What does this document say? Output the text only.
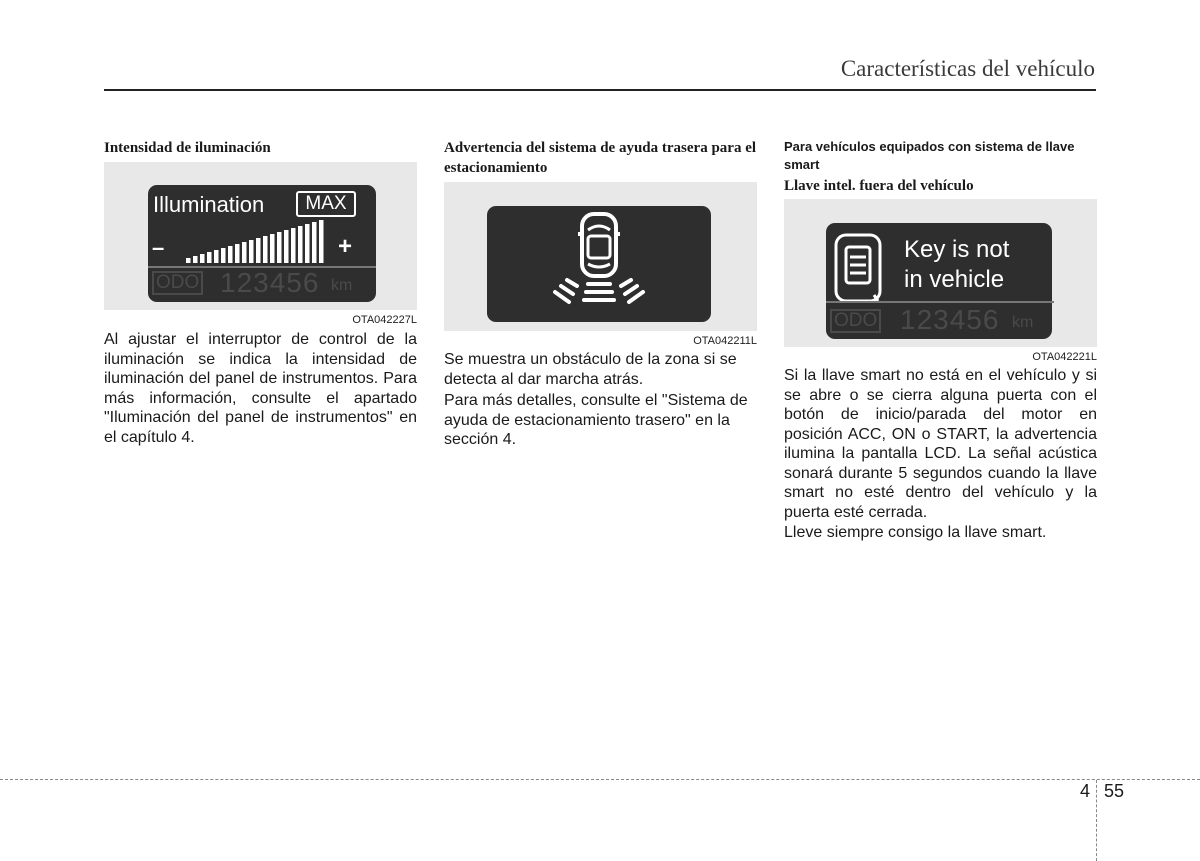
Características del vehículo
Intensidad de iluminación
Illumination	MAX
–	+
ODO 123456 km
OTA042227L

Al ajustar el interruptor de control de la iluminación se indica la intensidad de iluminación del panel de instrumentos. Para más información, consulte el apartado "Iluminación del panel de instrumentos" en el capítulo 4.

Advertencia del sistema de ayuda trasera para el estacionamiento
OTA042211L

Se muestra un obstáculo de la zona si se detecta al dar marcha atrás.

Para más detalles, consulte el "Sistema de ayuda de estacionamiento trasero" en la sección 4.

Para vehículos equipados con sistema de llave smart
Llave intel. fuera del vehículo
Key is not
in vehicle
ODO 123456 km
OTA042221L

Si la llave smart no está en el vehículo y si se abre o se cierra alguna puerta con el botón de inicio/parada del motor en posición ACC, ON o START, la advertencia ilumina la pantalla LCD. La señal acústica sonará durante 5 segundos cuando la llave smart no esté dentro del vehículo y la puerta esté cerrada.

Lleve siempre consigo la llave smart.

4 55
